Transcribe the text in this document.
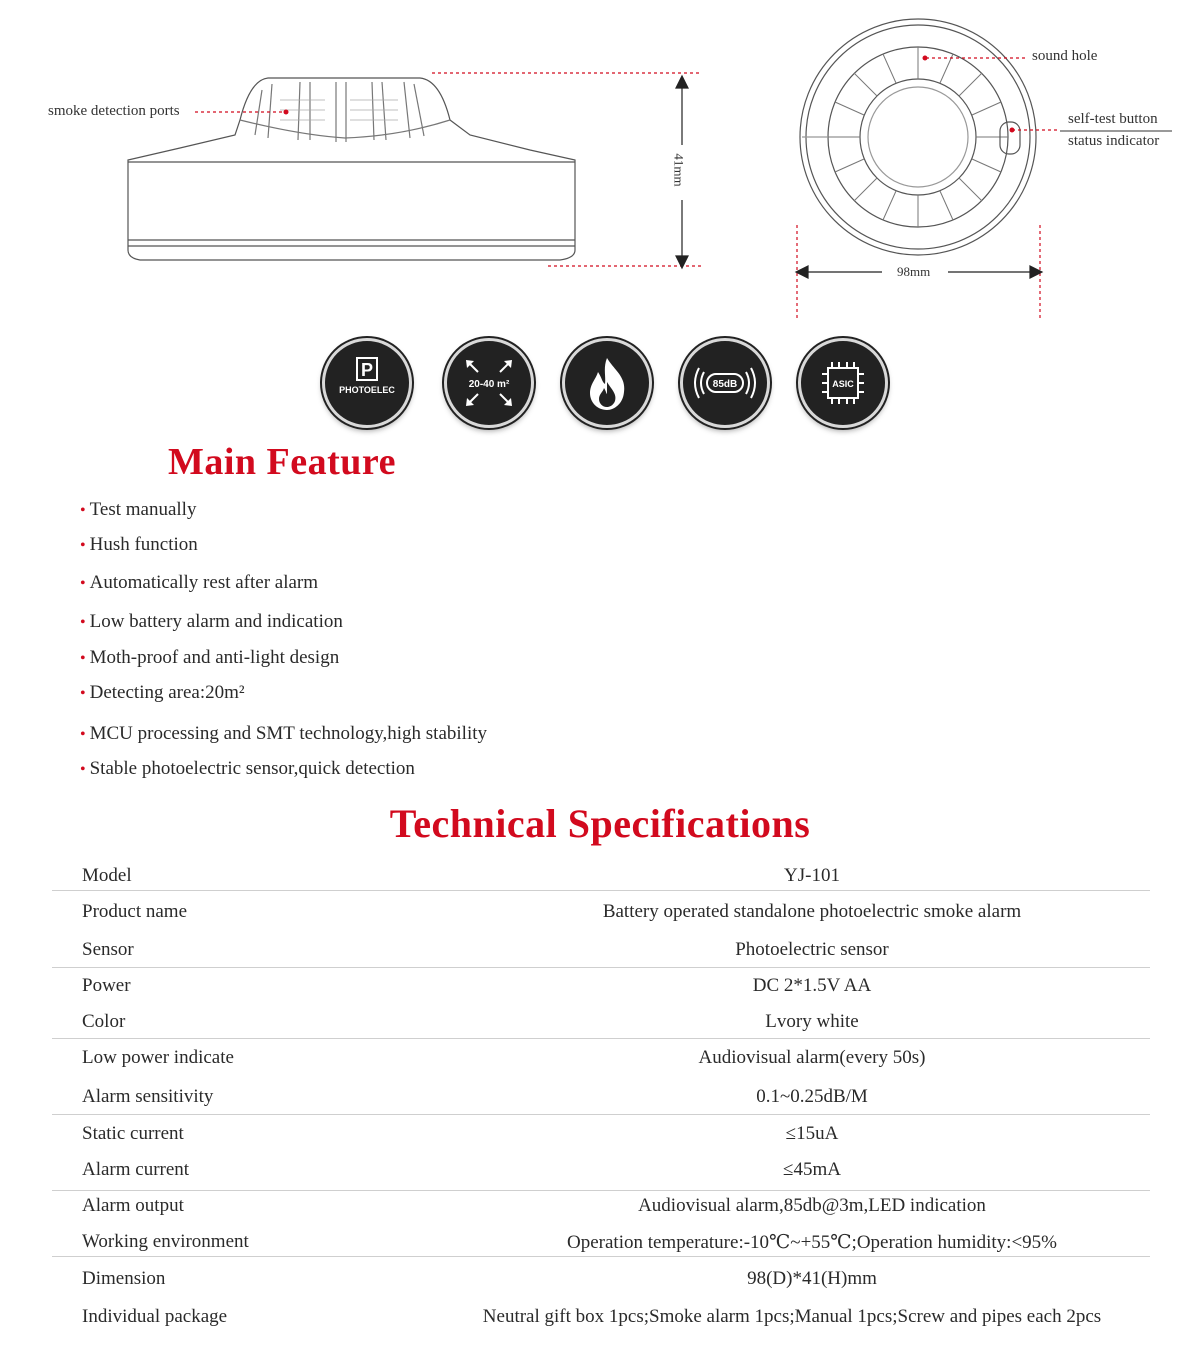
smoke detection ports
41mm
sound hole
self-test button
status indicator
98mm
P
PHOTOELEC	20-40 m²	85dB	ASIC
Main Feature
• Test manually
• Hush function
• Automatically rest after alarm
• Low battery alarm and indication
• Moth-proof and anti-light design
• Detecting area:20m²
• MCU processing and SMT technology,high stability
• Stable photoelectric sensor,quick detection
Technical Specifications
Model	YJ-101
Product name	Battery operated standalone photoelectric smoke alarm
Sensor	Photoelectric sensor
Power	DC 2*1.5V AA
Color	Lvory white
Low power indicate	Audiovisual alarm(every 50s)
Alarm sensitivity	0.1~0.25dB/M
Static current	≤15uA
Alarm current	≤45mA
Alarm output	Audiovisual alarm,85db@3m,LED indication
Working environment	Operation temperature:-10℃~+55℃;Operation humidity:<95%
Dimension	98(D)*41(H)mm
Individual package	Neutral gift box 1pcs;Smoke alarm 1pcs;Manual 1pcs;Screw and pipes each 2pcs
